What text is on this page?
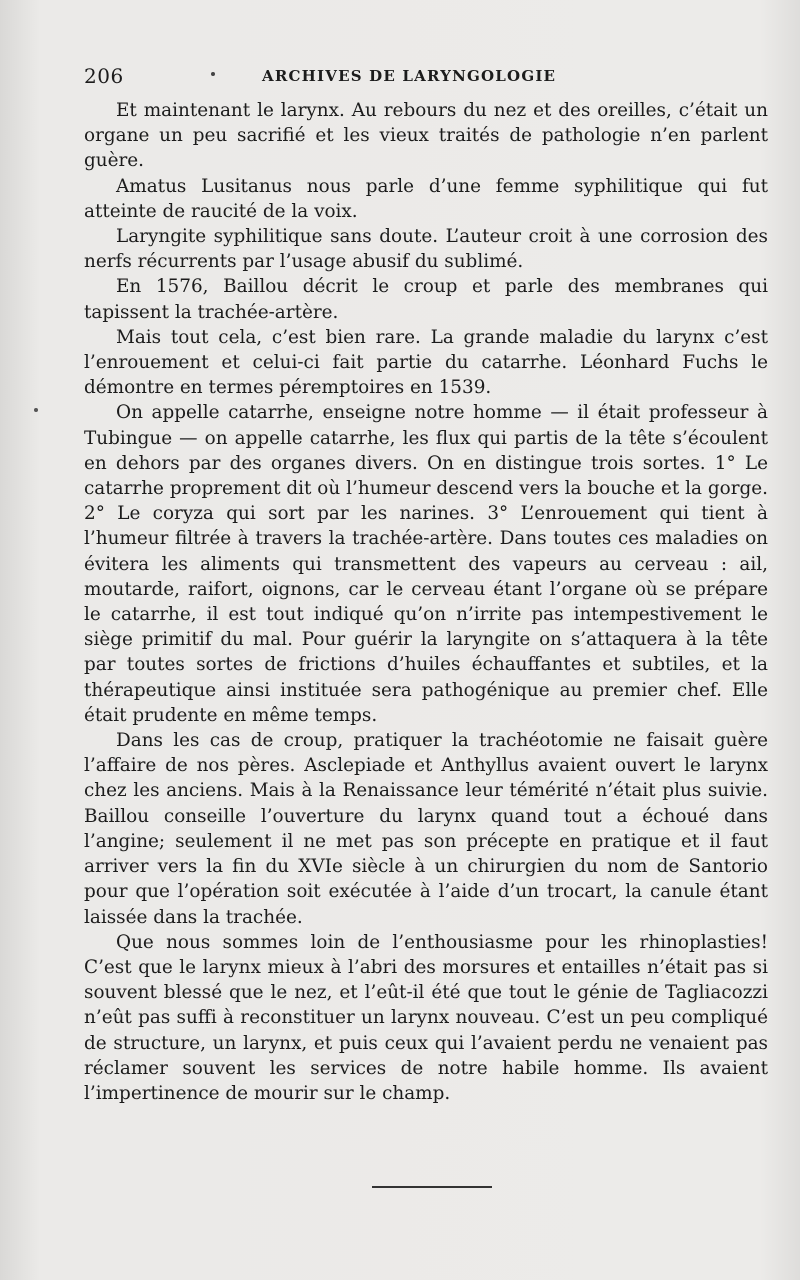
206	ARCHIVES DE LARYNGOLOGIE

Et maintenant le larynx. Au rebours du nez et des oreilles, c’était un organe un peu sacrifié et les vieux traités de pathologie n’en parlent guère.

Amatus Lusitanus nous parle d’une femme syphilitique qui fut atteinte de raucité de la voix.

Laryngite syphilitique sans doute. L’auteur croit à une corrosion des nerfs récurrents par l’usage abusif du sublimé.

En 1576, Baillou décrit le croup et parle des membranes qui tapissent la trachée-artère.

Mais tout cela, c’est bien rare. La grande maladie du larynx c’est l’enrouement et celui-ci fait partie du catarrhe. Léonhard Fuchs le démontre en termes péremptoires en 1539.

On appelle catarrhe, enseigne notre homme — il était professeur à Tubingue — on appelle catarrhe, les flux qui partis de la tête s’écoulent en dehors par des organes divers. On en distingue trois sortes. 1° Le catarrhe proprement dit où l’humeur descend vers la bouche et la gorge. 2° Le coryza qui sort par les narines. 3° L’enrouement qui tient à l’humeur filtrée à travers la trachée-artère. Dans toutes ces maladies on évitera les aliments qui transmettent des vapeurs au cerveau : ail, moutarde, raifort, oignons, car le cerveau étant l’organe où se prépare le catarrhe, il est tout indiqué qu’on n’irrite pas intempestivement le siège primitif du mal. Pour guérir la laryngite on s’attaquera à la tête par toutes sortes de frictions d’huiles échauffantes et subtiles, et la thérapeutique ainsi instituée sera pathogénique au premier chef. Elle était prudente en même temps.

Dans les cas de croup, pratiquer la trachéotomie ne faisait guère l’affaire de nos pères. Asclepiade et Anthyllus avaient ouvert le larynx chez les anciens. Mais à la Renaissance leur témérité n’était plus suivie. Baillou conseille l’ouverture du larynx quand tout a échoué dans l’angine; seulement il ne met pas son précepte en pratique et il faut arriver vers la fin du XVIe siècle à un chirurgien du nom de Santorio pour que l’opération soit exécutée à l’aide d’un trocart, la canule étant laissée dans la trachée.

Que nous sommes loin de l’enthousiasme pour les rhinoplasties! C’est que le larynx mieux à l’abri des morsures et entailles n’était pas si souvent blessé que le nez, et l’eût-il été que tout le génie de Tagliacozzi n’eût pas suffi à reconstituer un larynx nouveau. C’est un peu compliqué de structure, un larynx, et puis ceux qui l’avaient perdu ne venaient pas réclamer souvent les services de notre habile homme. Ils avaient l’impertinence de mourir sur le champ.
